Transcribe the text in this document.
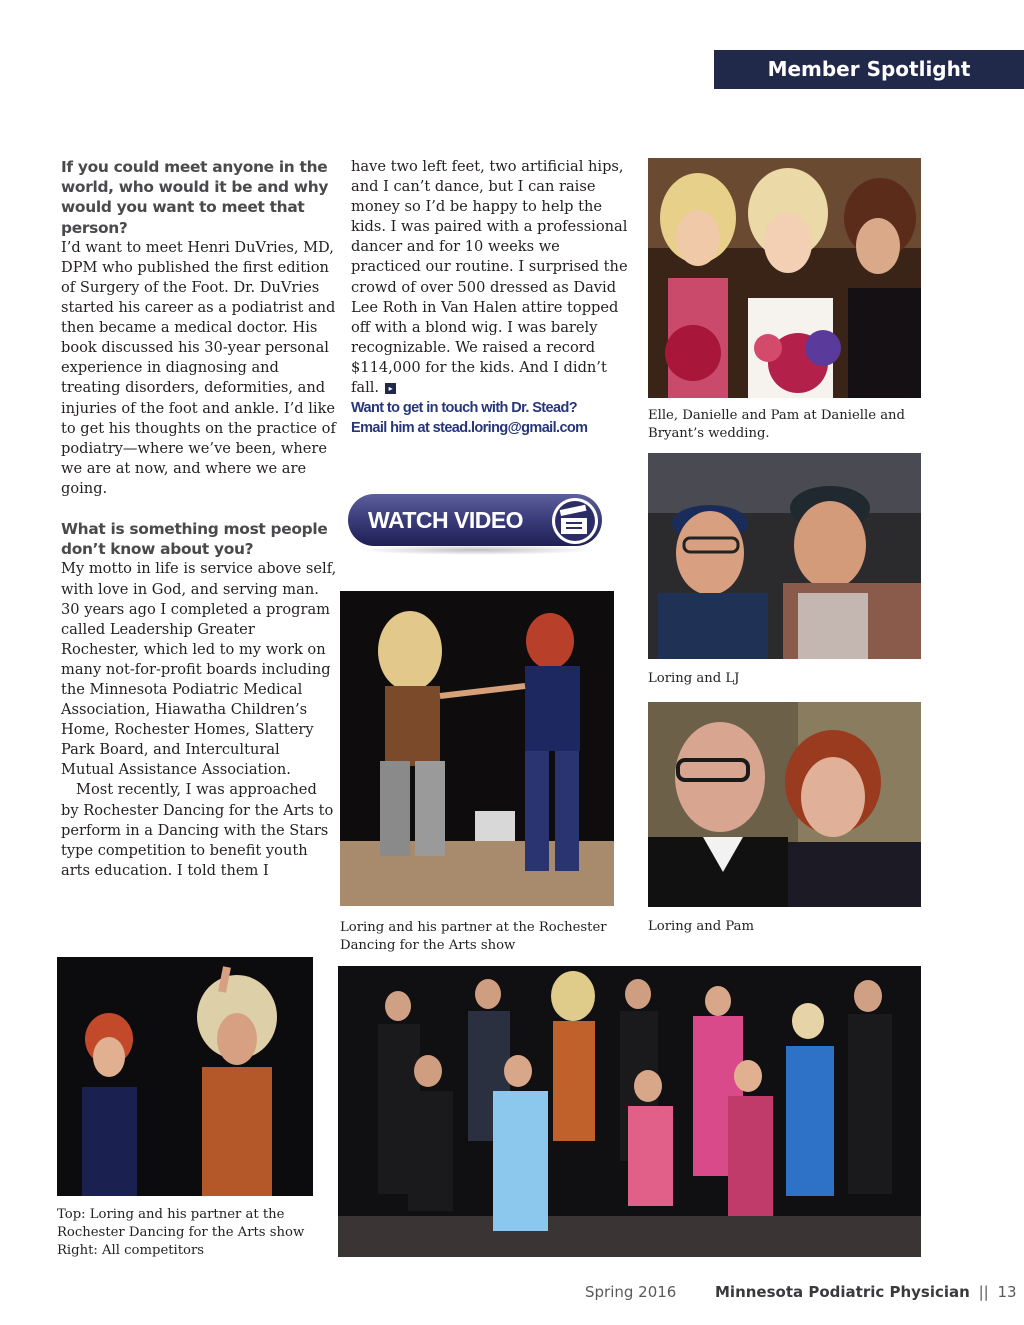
Member Spotlight

If you could meet anyone in the world, who would it be and why would you want to meet that person?

I’d want to meet Henri DuVries, MD, DPM who published the first edition of Surgery of the Foot. Dr. DuVries started his career as a podiatrist and then became a medical doctor. His book discussed his 30-year personal experience in diagnosing and treating disorders, deformities, and injuries of the foot and ankle. I’d like to get his thoughts on the practice of podiatry—where we’ve been, where we are at now, and where we are going.

What is something most people don’t know about you?

My motto in life is service above self, with love in God, and serving man. 30 years ago I completed a program called Leadership Greater Rochester, which led to my work on many not-for-profit boards including the Minnesota Podiatric Medical Association, Hiawatha Children’s Home, Rochester Homes, Slattery Park Board, and Intercultural Mutual Assistance Association.

Most recently, I was approached by Rochester Dancing for the Arts to perform in a Dancing with the Stars type competition to benefit youth arts education. I told them I

have two left feet, two artificial hips, and I can’t dance, but I can raise money so I’d be happy to help the kids. I was paired with a professional dancer and for 10 weeks we practiced our routine. I surprised the crowd of over 500 dressed as David Lee Roth in Van Halen attire topped off with a blond wig. I was barely recognizable. We raised a record $114,000 for the kids. And I didn’t fall. ▸

Want to get in touch with Dr. Stead?

Email him at stead.loring@gmail.com

WATCH VIDEO
Elle, Danielle and Pam at Danielle and Bryant’s wedding.
Loring and LJ
Loring and Pam
Loring and his partner at the Rochester Dancing for the Arts show
Top: Loring and his partner at the
Rochester Dancing for the Arts show
Right: All competitors
Spring 2016	Minnesota Podiatric Physician || 13
